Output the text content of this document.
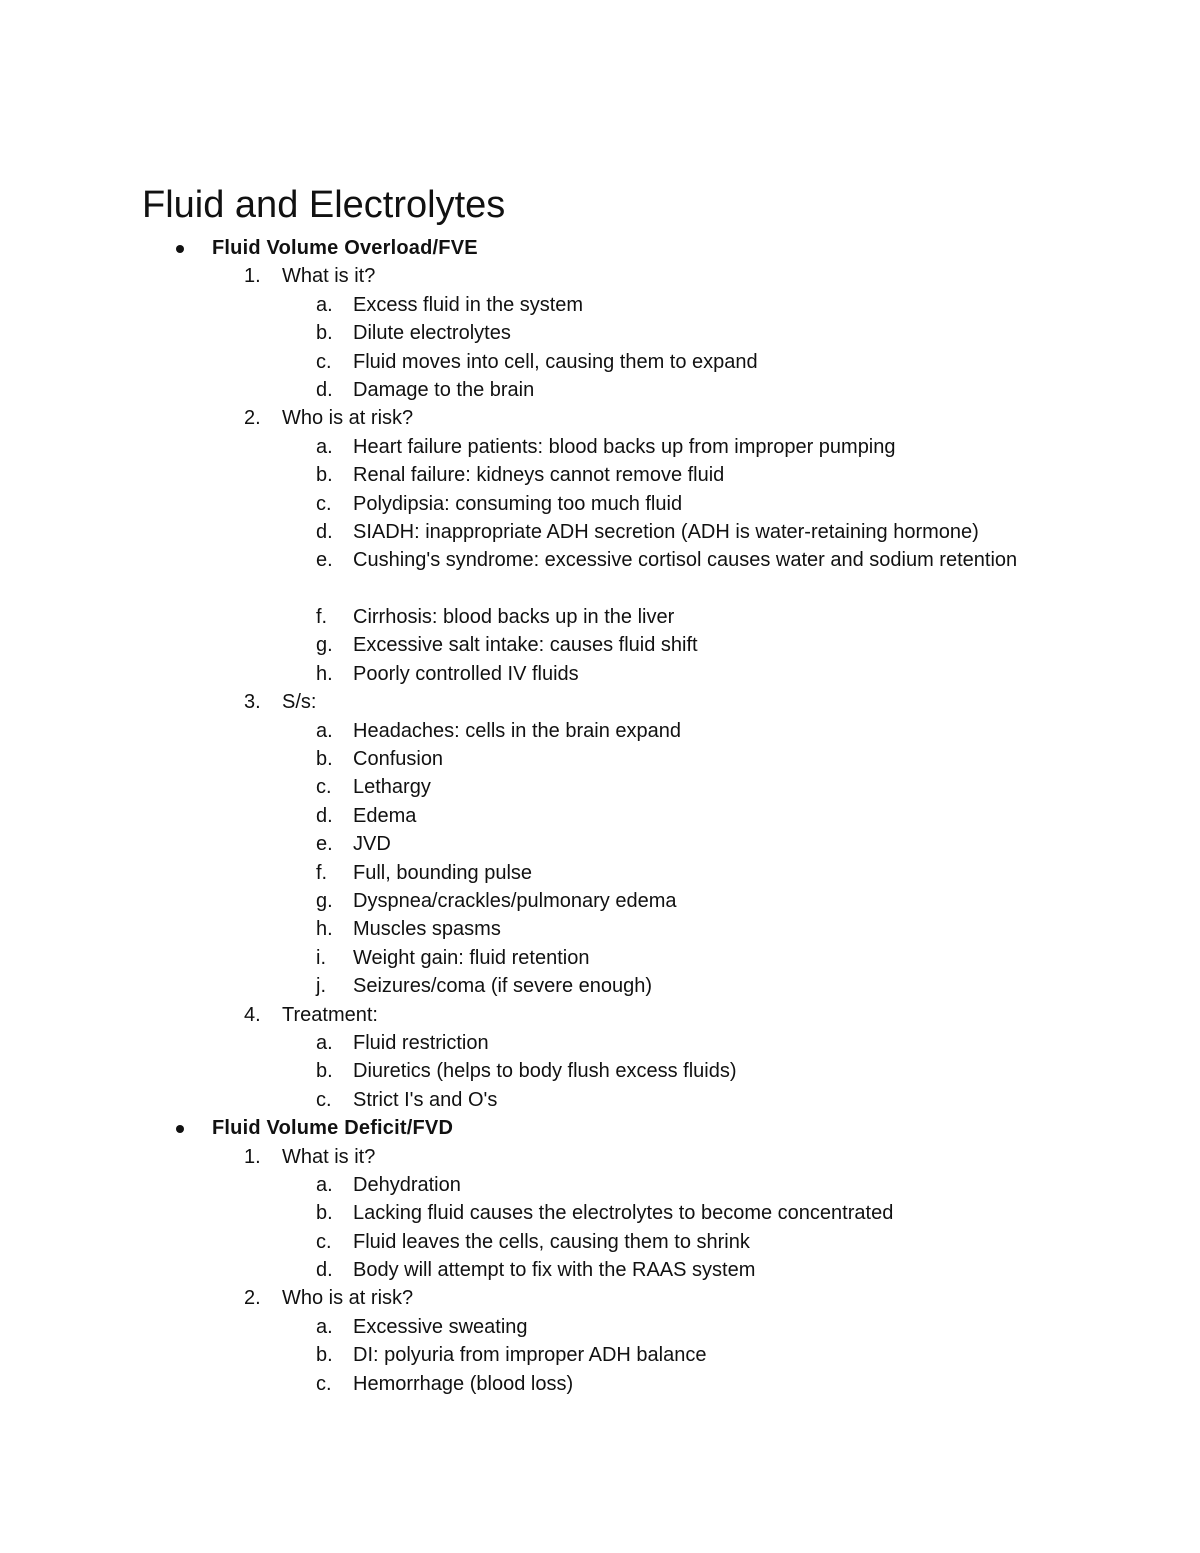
Fluid and Electrolytes
Fluid Volume Overload/FVE
1.	What is it?
a.	Excess fluid in the system
b.	Dilute electrolytes
c.	Fluid moves into cell, causing them to expand
d.	Damage to the brain
2.	Who is at risk?
a.	Heart failure patients: blood backs up from improper pumping
b.	Renal failure: kidneys cannot remove fluid
c.	Polydipsia: consuming too much fluid
d.	SIADH: inappropriate ADH secretion (ADH is water-retaining hormone)
e.	Cushing's syndrome: excessive cortisol causes water and sodium retention
f.	Cirrhosis: blood backs up in the liver
g.	Excessive salt intake: causes fluid shift
h.	Poorly controlled IV fluids
3.	S/s:
a.	Headaches: cells in the brain expand
b.	Confusion
c.	Lethargy
d.	Edema
e.	JVD
f.	Full, bounding pulse
g.	Dyspnea/crackles/pulmonary edema
h.	Muscles spasms
i.	Weight gain: fluid retention
j.	Seizures/coma (if severe enough)
4.	Treatment:
a.	Fluid restriction
b.	Diuretics (helps to body flush excess fluids)
c.	Strict I's and O's
Fluid Volume Deficit/FVD
1.	What is it?
a.	Dehydration
b.	Lacking fluid causes the electrolytes to become concentrated
c.	Fluid leaves the cells, causing them to shrink
d.	Body will attempt to fix with the RAAS system
2.	Who is at risk?
a.	Excessive sweating
b.	DI: polyuria from improper ADH balance
c.	Hemorrhage (blood loss)
